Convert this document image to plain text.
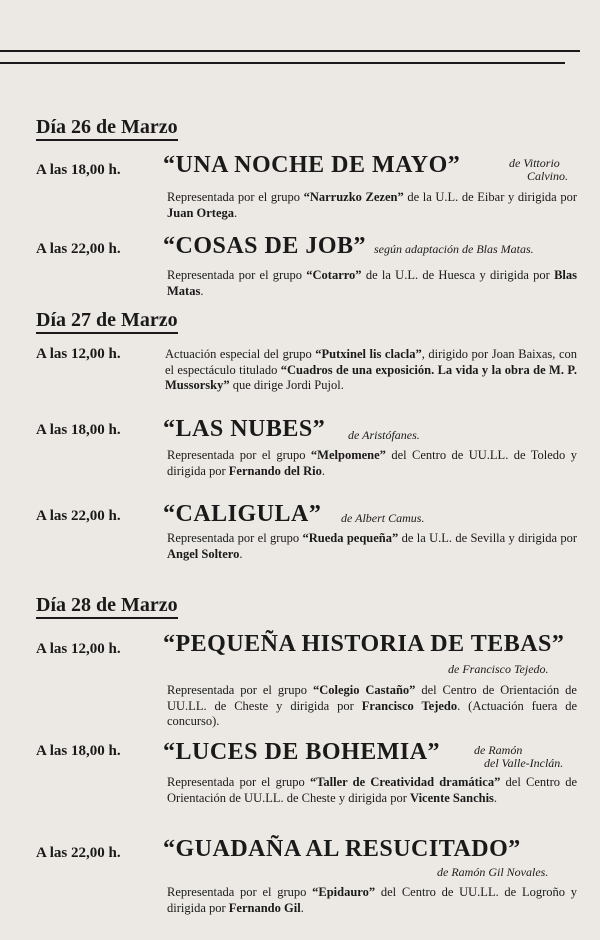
Día 26 de Marzo
A las 18,00 h. “UNA NOCHE DE MAYO”	de Vittorio
Calvino.

Representada por el grupo “Narruzko Zezen” de la U.L. de Eibar y dirigida por Juan Ortega.

A las 22,00 h. “COSAS DE JOB” según adaptación de Blas Matas.

Representada por el grupo “Cotarro” de la U.L. de Huesca y dirigida por Blas Matas.

Día 27 de Marzo
A las 12,00 h.	Actuación especial del grupo “Putxinel lis clacla”, dirigido por Joan Baixas, con el espectáculo titulado “Cuadros de una exposición. La vida y la obra de M. P. Mussorsky” que dirige Jordi Pujol.

A las 18,00 h. “LAS NUBES” de Aristófanes.

Representada por el grupo “Melpomene” del Centro de UU.LL. de Toledo y dirigida por Fernando del Rio.

A las 22,00 h. “CALIGULA” de Albert Camus.

Representada por el grupo “Rueda pequeña” de la U.L. de Sevilla y dirigida por Angel Soltero.

Día 28 de Marzo
A las 12,00 h. “PEQUEÑA HISTORIA DE TEBAS”
de Francisco Tejedo.

Representada por el grupo “Colegio Castaño” del Centro de Orientación de UU.LL. de Cheste y dirigida por Francisco Tejedo. (Actuación fuera de concurso).

A las 18,00 h. “LUCES DE BOHEMIA”	de Ramón
del Valle-Inclán.

Representada por el grupo “Taller de Creatividad dramática” del Centro de Orientación de UU.LL. de Cheste y dirigida por Vicente Sanchis.

A las 22,00 h. “GUADAÑA AL RESUCITADO”
de Ramón Gil Novales.

Representada por el grupo “Epidauro” del Centro de UU.LL. de Logroño y dirigida por Fernando Gil.
